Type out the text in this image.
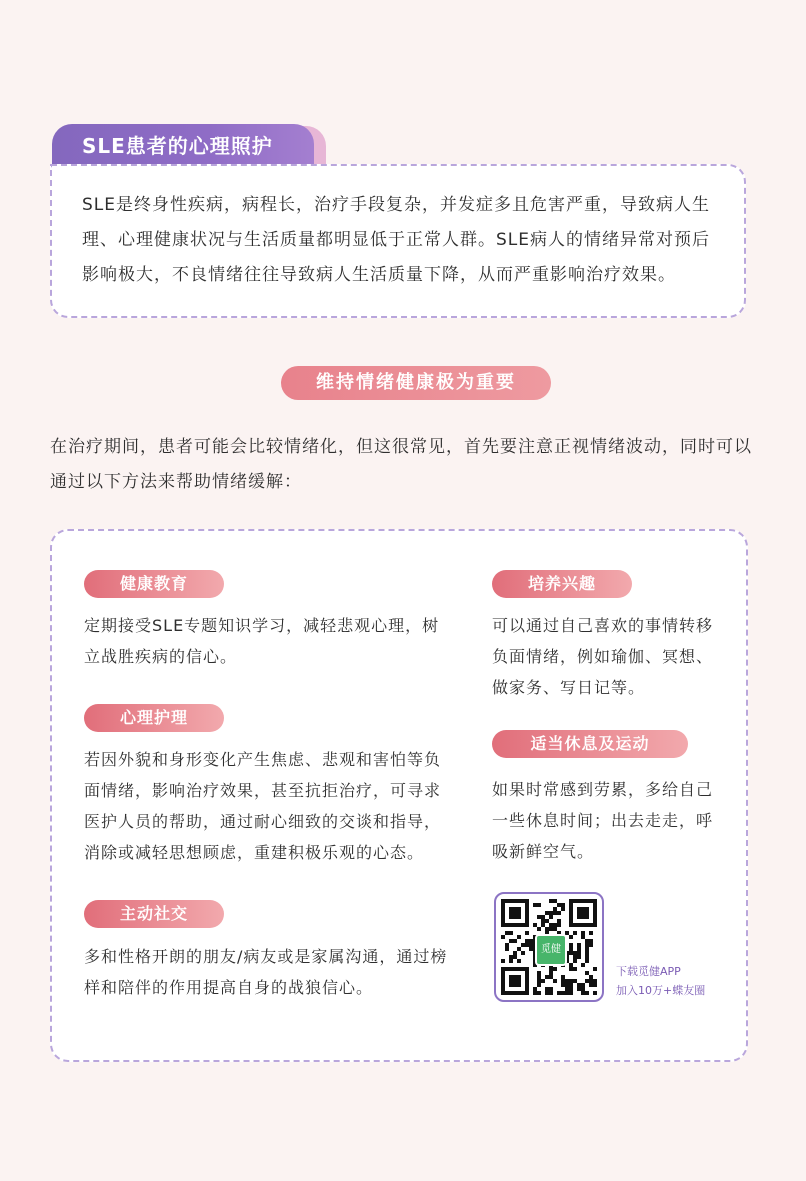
SLE患者的心理照护

SLE是终身性疾病，病程长，治疗手段复杂，并发症多且危害严重，导致病人生理、心理健康状况与生活质量都明显低于正常人群。SLE病人的情绪异常对预后影响极大，不良情绪往往导致病人生活质量下降，从而严重影响治疗效果。

维持情绪健康极为重要

在治疗期间，患者可能会比较情绪化，但这很常见，首先要注意正视情绪波动，同时可以通过以下方法来帮助情绪缓解：

健康教育

定期接受SLE专题知识学习，减轻悲观心理，树立战胜疾病的信心。

心理护理

若因外貌和身形变化产生焦虑、悲观和害怕等负面情绪，影响治疗效果，甚至抗拒治疗，可寻求医护人员的帮助，通过耐心细致的交谈和指导，消除或减轻思想顾虑，重建积极乐观的心态。

主动社交

多和性格开朗的朋友/病友或是家属沟通，通过榜样和陪伴的作用提高自身的战狼信心。

培养兴趣

可以通过自己喜欢的事情转移负面情绪，例如瑜伽、冥想、做家务、写日记等。

适当休息及运动

如果时常感到劳累，多给自己一些休息时间；出去走走，呼吸新鲜空气。

觅健
下载觅健APP
加入10万+蝶友圈
